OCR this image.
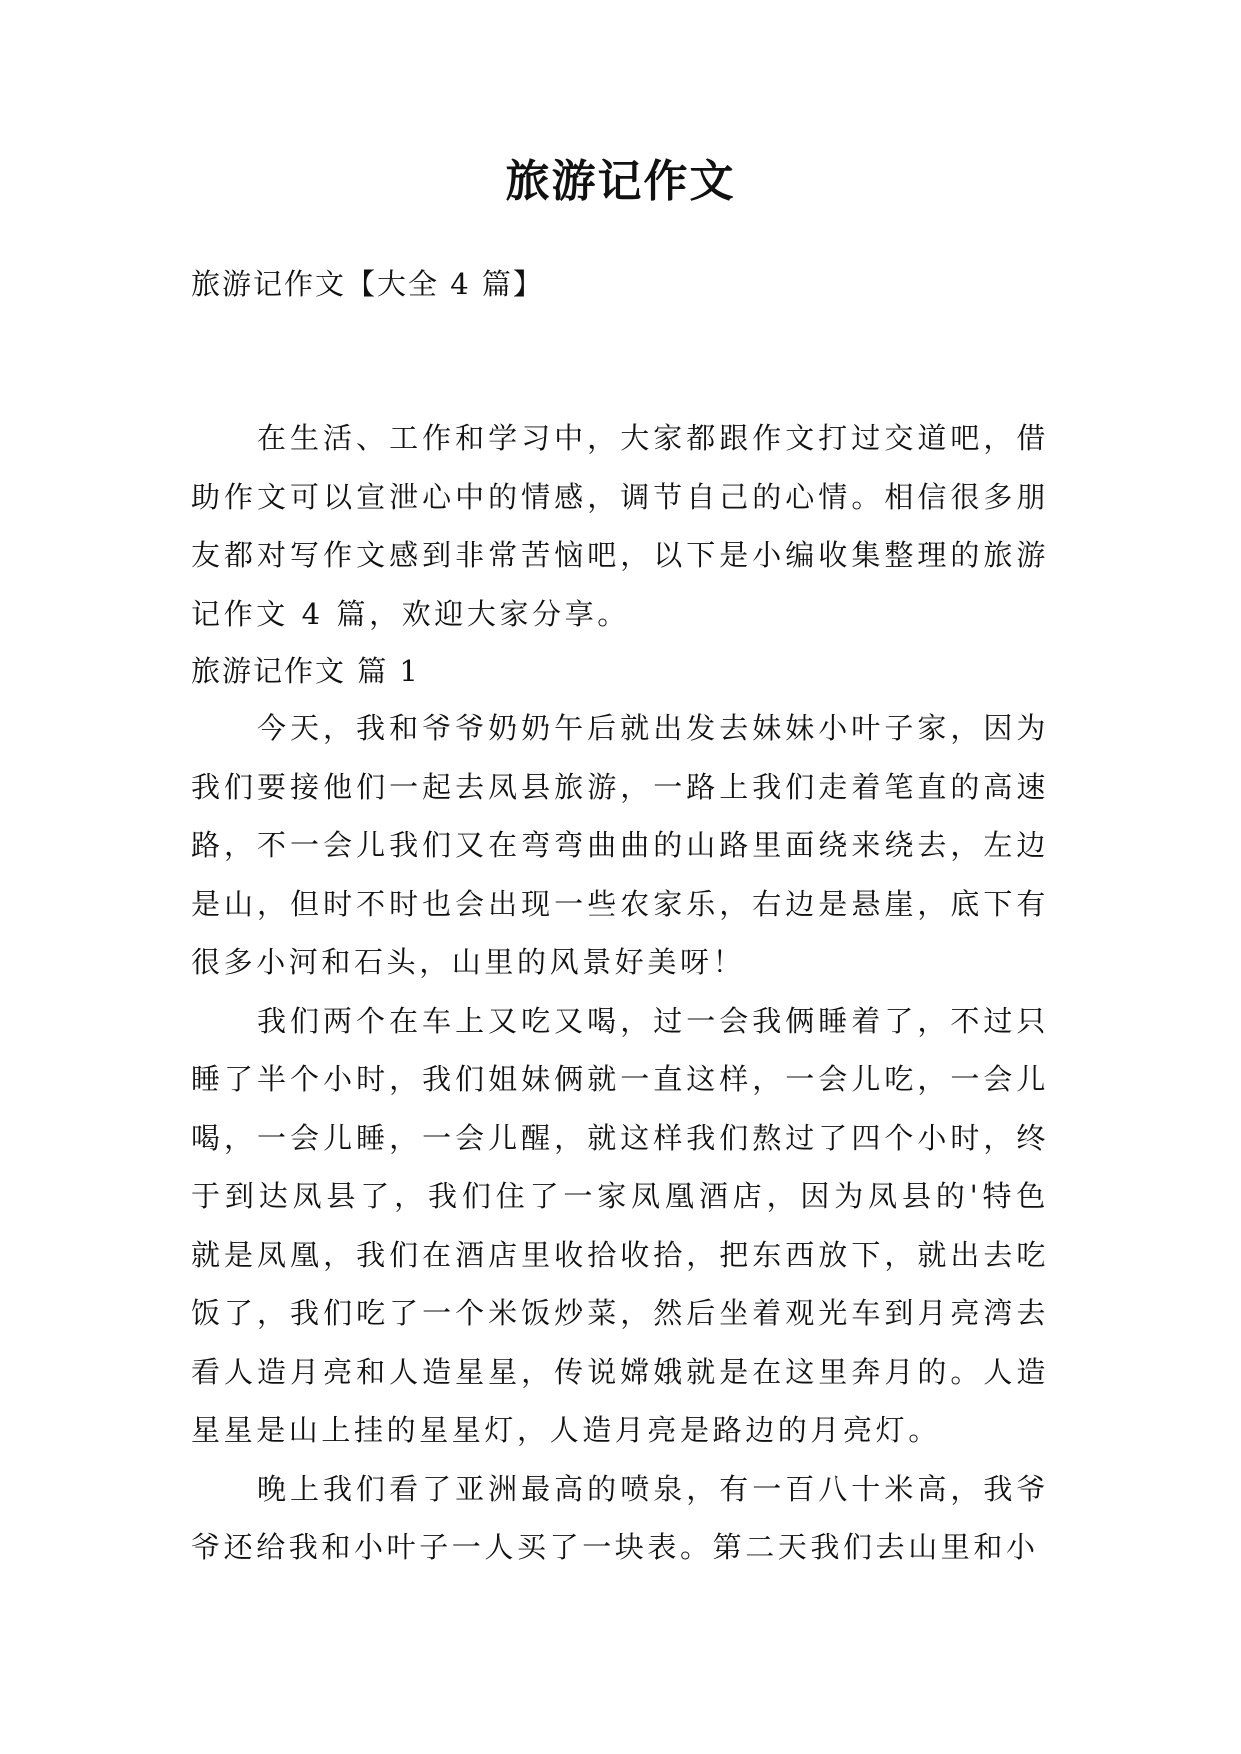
旅游记作文
旅游记作文【大全 4 篇】

在生活、工作和学习中，大家都跟作文打过交道吧，借助作文可以宣泄心中的情感，调节自己的心情。相信很多朋友都对写作文感到非常苦恼吧，以下是小编收集整理的旅游记作文 4 篇，欢迎大家分享。

旅游记作文 篇 1

今天，我和爷爷奶奶午后就出发去妹妹小叶子家，因为我们要接他们一起去凤县旅游，一路上我们走着笔直的高速路，不一会儿我们又在弯弯曲曲的山路里面绕来绕去，左边是山，但时不时也会出现一些农家乐，右边是悬崖，底下有很多小河和石头，山里的风景好美呀！

我们两个在车上又吃又喝，过一会我俩睡着了，不过只睡了半个小时，我们姐妹俩就一直这样，一会儿吃，一会儿喝，一会儿睡，一会儿醒，就这样我们熬过了四个小时，终于到达凤县了，我们住了一家凤凰酒店，因为凤县的'特色就是凤凰，我们在酒店里收拾收拾，把东西放下，就出去吃饭了，我们吃了一个米饭炒菜，然后坐着观光车到月亮湾去看人造月亮和人造星星，传说嫦娥就是在这里奔月的。人造星星是山上挂的星星灯，人造月亮是路边的月亮灯。

晚上我们看了亚洲最高的喷泉，有一百八十米高，我爷爷还给我和小叶子一人买了一块表。第二天我们去山里和小
